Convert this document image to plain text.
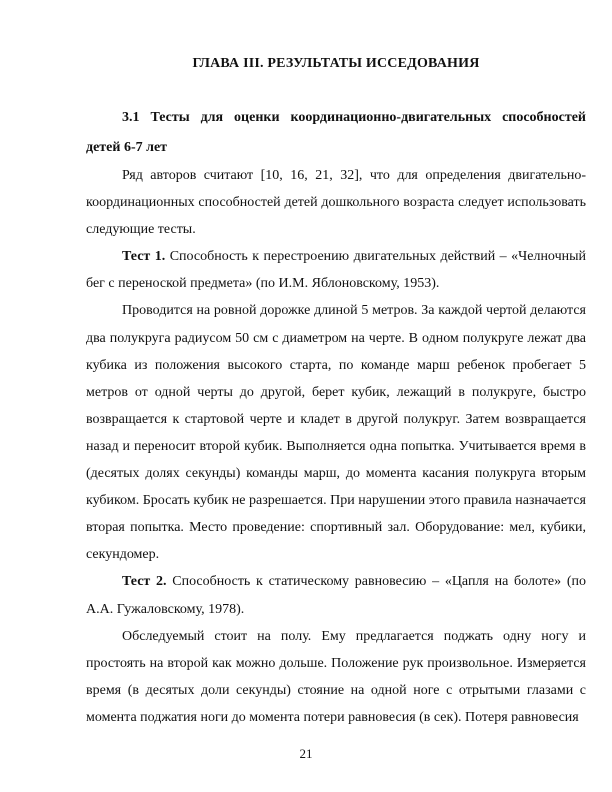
ГЛАВА III. РЕЗУЛЬТАТЫ ИССЕДОВАНИЯ
3.1 Тесты для оценки координационно-двигательных способностей детей 6-7 лет

Ряд авторов считают [10, 16, 21, 32], что для определения двигательно-координационных способностей детей дошкольного возраста следует использовать следующие тесты.

Тест 1. Способность к перестроению двигательных действий – «Челночный бег с переноской предмета» (по И.М. Яблоновскому, 1953).

Проводится на ровной дорожке длиной 5 метров. За каждой чертой делаются два полукруга радиусом 50 см с диаметром на черте. В одном полукруге лежат два кубика из положения высокого старта, по команде марш ребенок пробегает 5 метров от одной черты до другой, берет кубик, лежащий в полукруге, быстро возвращается к стартовой черте и кладет в другой полукруг. Затем возвращается назад и переносит второй кубик. Выполняется одна попытка. Учитывается время в (десятых долях секунды) команды марш, до момента касания полукруга вторым кубиком. Бросать кубик не разрешается. При нарушении этого правила назначается вторая попытка. Место проведение: спортивный зал. Оборудование: мел, кубики, секундомер.

Тест 2. Способность к статическому равновесию – «Цапля на болоте» (по А.А. Гужаловскому, 1978).

Обследуемый стоит на полу. Ему предлагается поджать одну ногу и простоять на второй как можно дольше. Положение рук произвольное. Измеряется время (в десятых доли секунды) стояние на одной ноге с отрытыми глазами с момента поджатия ноги до момента потери равновесия (в сек). Потеря равновесия

21
